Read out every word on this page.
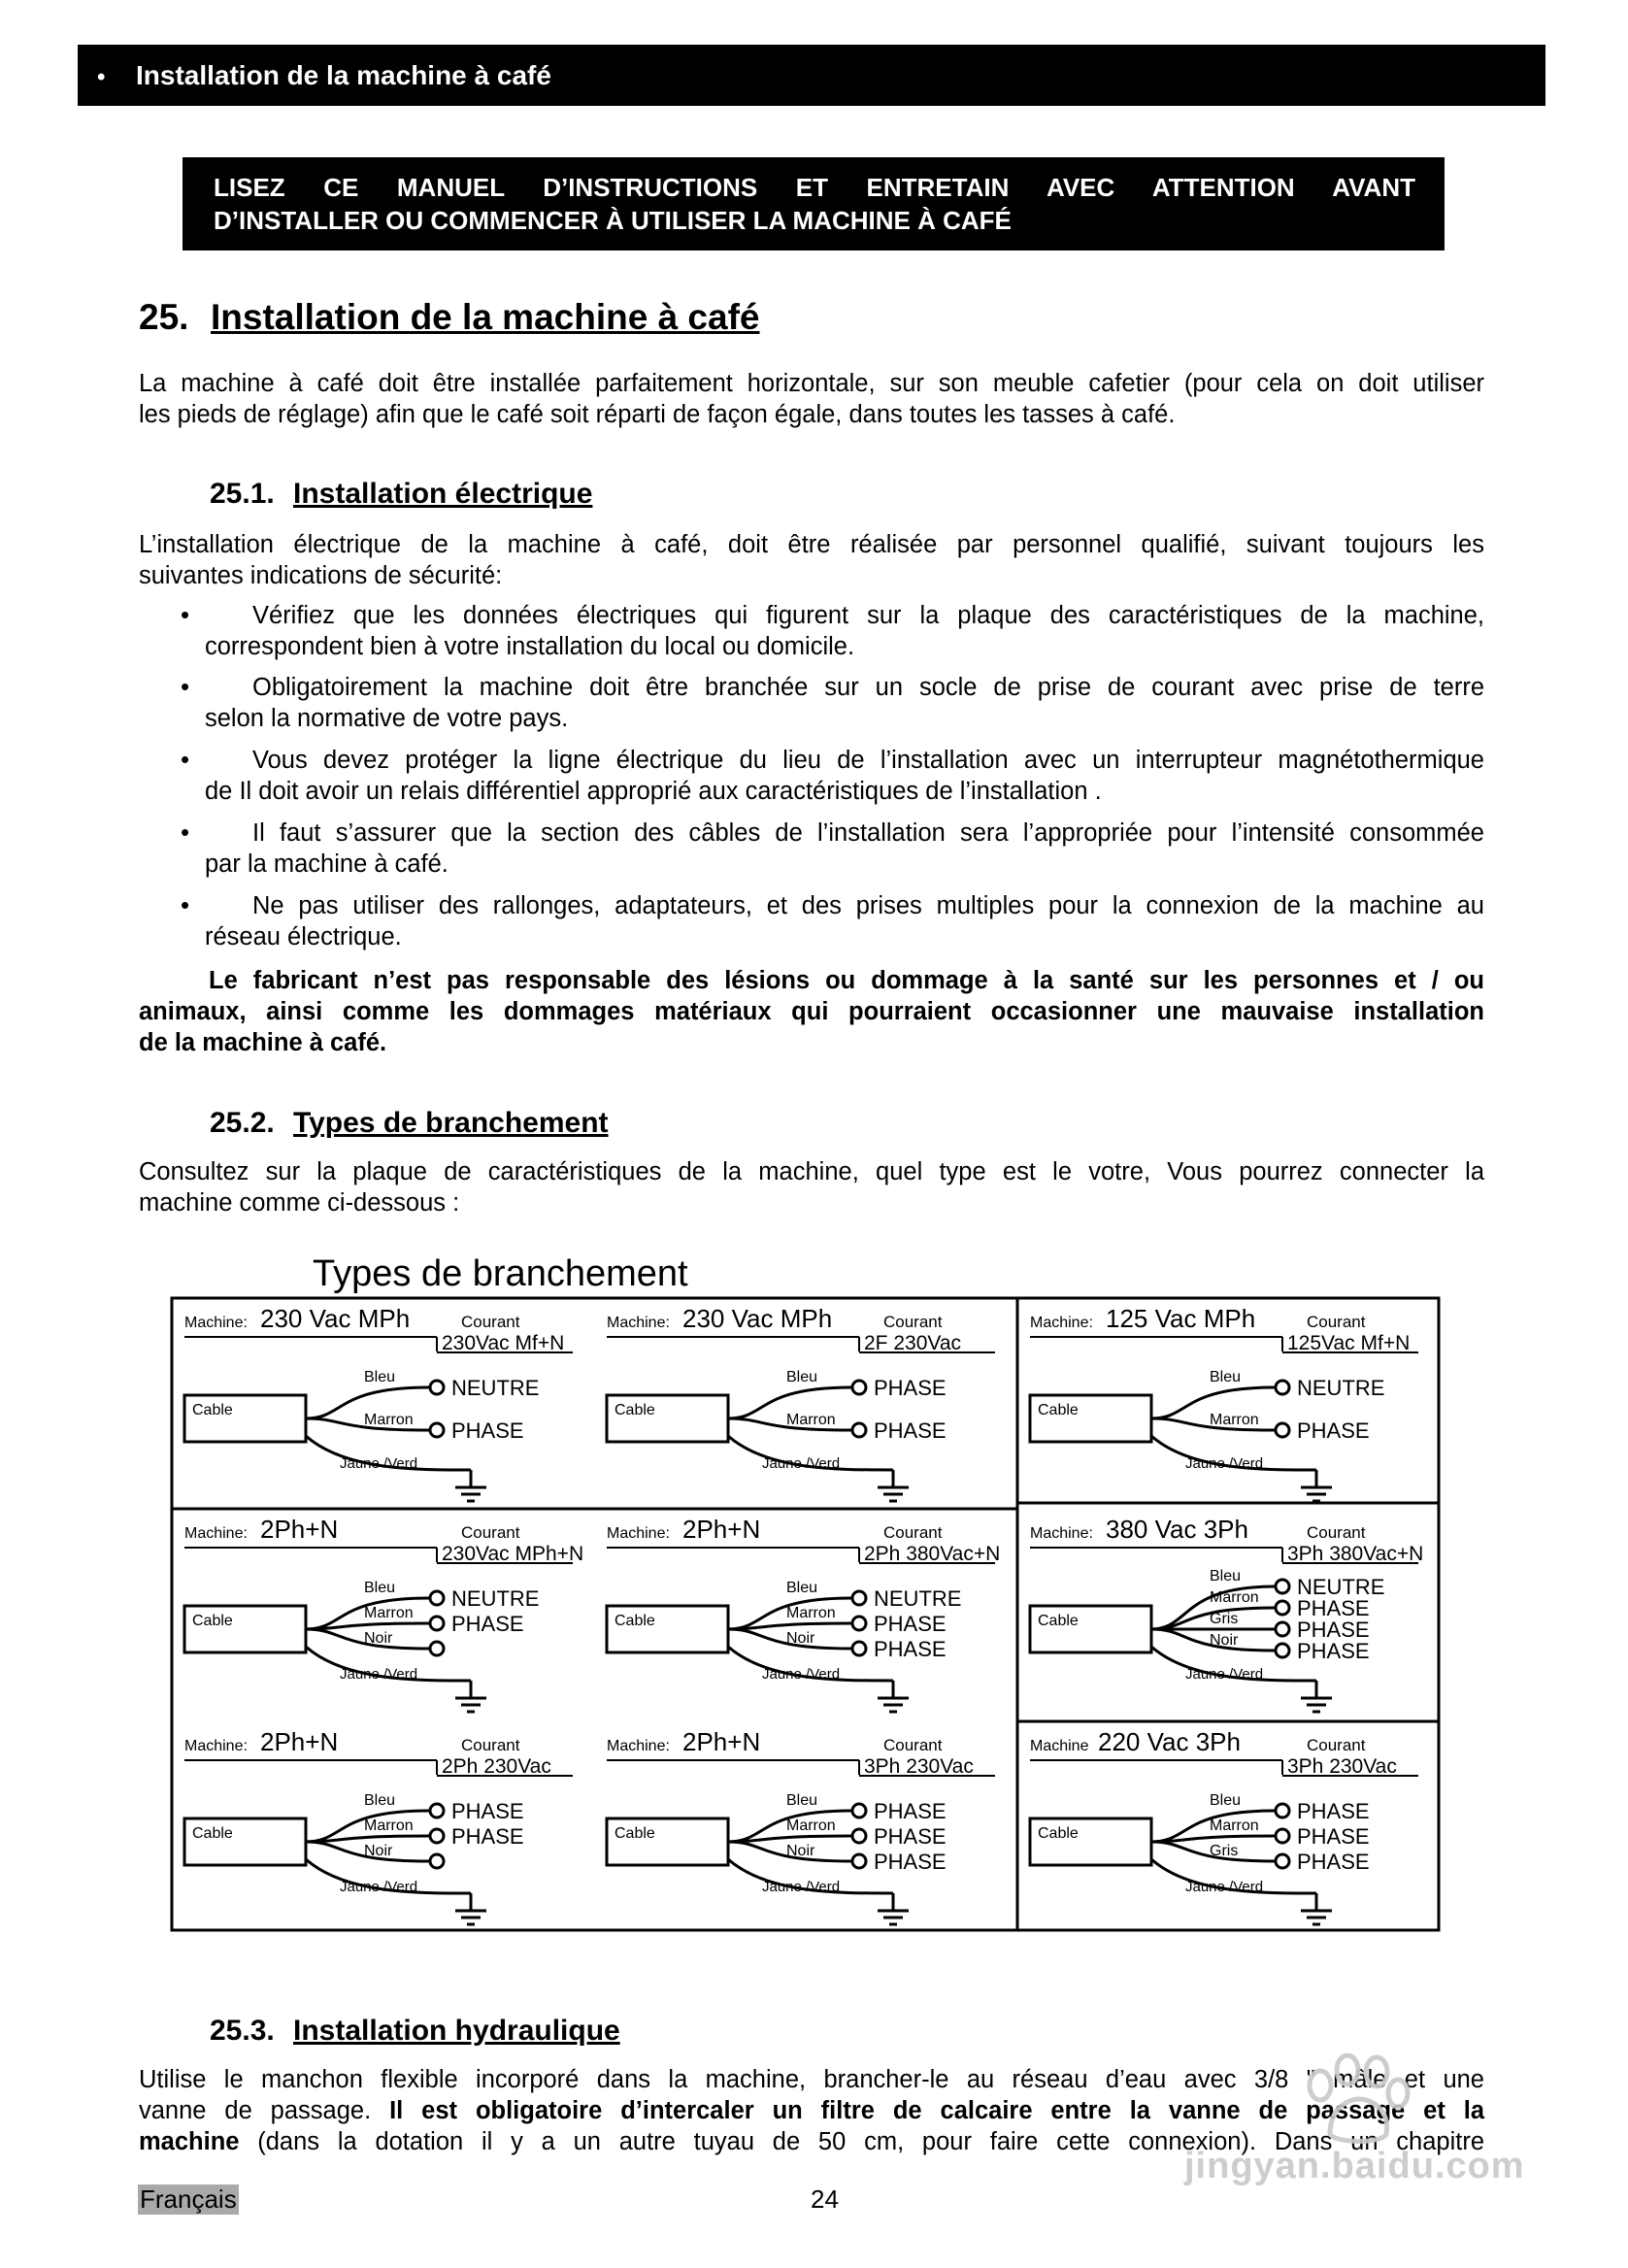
• Installation de la machine à café
LISEZ CE MANUEL D’INSTRUCTIONS ET ENTRETAIN AVEC ATTENTION AVANT
D’INSTALLER OU COMMENCER À UTILISER LA MACHINE À CAFÉ
25. Installation de la machine à café
La machine à café doit être installée parfaitement horizontale, sur son meuble cafetier (pour cela on doit utiliser
les pieds de réglage) afin que le café soit réparti de façon égale, dans toutes les tasses à café.
25.1. Installation électrique
L’installation électrique de la machine à café, doit être réalisée par personnel qualifié, suivant toujours les
suivantes indications de sécurité:
•	Vérifiez que les données électriques qui figurent sur la plaque des caractéristiques de la machine,
correspondent bien à votre installation du local ou domicile.
•	Obligatoirement la machine doit être branchée sur un socle de prise de courant avec prise de terre
selon la normative de votre pays.
•	Vous devez protéger la ligne électrique du lieu de l’installation avec un interrupteur magnétothermique
de Il doit avoir un relais différentiel approprié aux caractéristiques de l’installation .
•	Il faut s’assurer que la section des câbles de l’installation sera l’appropriée pour l’intensité consommée
par la machine à café.
•	Ne pas utiliser des rallonges, adaptateurs, et des prises multiples pour la connexion de la machine au
réseau électrique.
Le fabricant n’est pas responsable des lésions ou dommage à la santé sur les personnes et / ou
animaux, ainsi comme les dommages matériaux qui pourraient occasionner une mauvaise installation
de la machine à café.
25.2. Types de branchement
Consultez sur la plaque de caractéristiques de la machine, quel type est le votre, Vous pourrez connecter la
machine comme ci-dessous :
Types de branchement
Machine: 230 Vac MPh	Courant
230Vac Mf+N
Cable
Bleu	NEUTRE
Marron PHASE
Jaune /Verd
Machine: 230 Vac MPh	Courant
2F 230Vac
Cable
Bleu	PHASE
Marron PHASE
Jaune /Verd
Machine: 125 Vac MPh	Courant
125Vac Mf+N
Cable
Bleu	NEUTRE
Marron PHASE
Jaune /Verd
Machine: 2Ph+N	Courant
230Vac MPh+N
Cable
Bleu	NEUTRE
Marron PHASE
Noir
Jaune /Verd
Machine: 2Ph+N	Courant
2Ph 380Vac+N
Cable
Bleu	NEUTRE
Marron PHASE
Noir	PHASE
Jaune /Verd
Machine: 380 Vac 3Ph	Courant
3Ph 380Vac+N
Cable
Bleu	NEUTRE
Marron PHASE
Gris	PHASE
Noir	PHASE
Jaune /Verd
Machine: 2Ph+N	Courant
2Ph 230Vac
Cable
Bleu	PHASE
Marron PHASE
Noir
Jaune /Verd
Machine: 2Ph+N	Courant
3Ph 230Vac
Cable
Bleu	PHASE
Marron PHASE
Noir	PHASE
Jaune /Verd
Machine 220 Vac 3Ph	Courant
3Ph 230Vac
Cable
Bleu	PHASE
Marron PHASE
Gris	PHASE
Jaune /Verd
25.3. Installation hydraulique
Utilise le manchon flexible incorporé dans la machine, brancher-le au réseau d’eau avec 3/8 " mâle et une
vanne de passage. Il est obligatoire d’intercaler un filtre de calcaire entre la vanne de passage et la
machine (dans la dotation il y a un autre tuyau de 50 cm, pour faire cette connexion). Dans un chapitre
jingyan.baidu.com
Français	24
